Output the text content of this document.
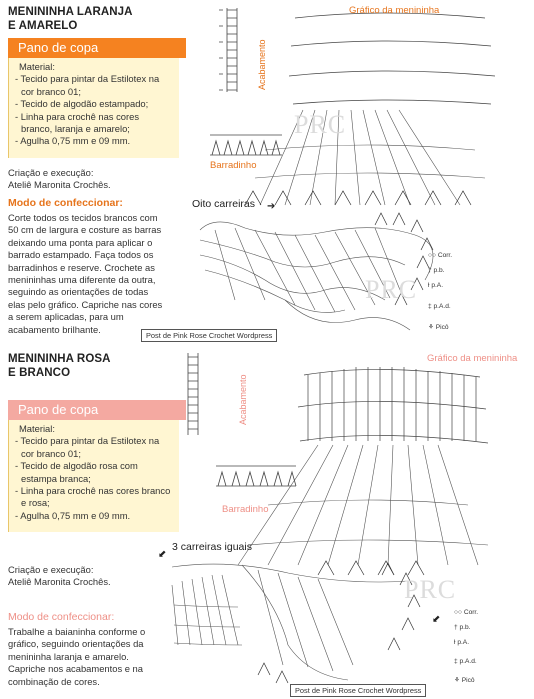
MENININHA LARANJA
E AMARELO
Pano de copa
Material:
- Tecido para pintar da Estilotex na
cor branco 01;
- Tecido de algodão estampado;
- Linha para crochê nas cores
branco, laranja e amarelo;
- Agulha 0,75 mm e 09 mm.
Criação e execução:
Ateliê Maronita Crochês.
Modo de confeccionar:
Corte todos os tecidos brancos com
50 cm de largura e costure as barras
deixando uma ponta para aplicar o
barrado estampado. Faça todos os
barradinhos e reserve. Crochete as
menininhas uma diferente da outra,
seguindo as orientações de todas
elas pelo gráfico. Capriche nas cores
a serem aplicadas, para um
acabamento brilhante.
Gráfico da menininha
Acabamento
PRC
Barradinho
Oito carreiras ➔
PRC
○○ Corr.
† p.b.
ƚ p.A.
‡ p.A.d.
⚘ Picô
Post de Pink Rose Crochet Wordpress
MENININHA ROSA
E BRANCO
Pano de copa
Material:
- Tecido para pintar da Estilotex na
cor branco 01;
- Tecido de algodão rosa com
estampa branca;
- Linha para crochê nas cores branco
e rosa;
- Agulha 0,75 mm e 09 mm.
Criação e execução:
Ateliê Maronita Crochês.
Modo de confeccionar:
Trabalhe a baianinha conforme o
gráfico, seguindo orientações da
menininha laranja e amarelo.
Capriche nos acabamentos e na
combinação de cores.
Gráfico da menininha
Acabamento
Barradinho
⬋
3 carreiras iguais
PRC
○○ Corr.
† p.b.
ƚ p.A.
‡ p.A.d.
⚘ Picô
⬋
Post de Pink Rose Crochet Wordpress
